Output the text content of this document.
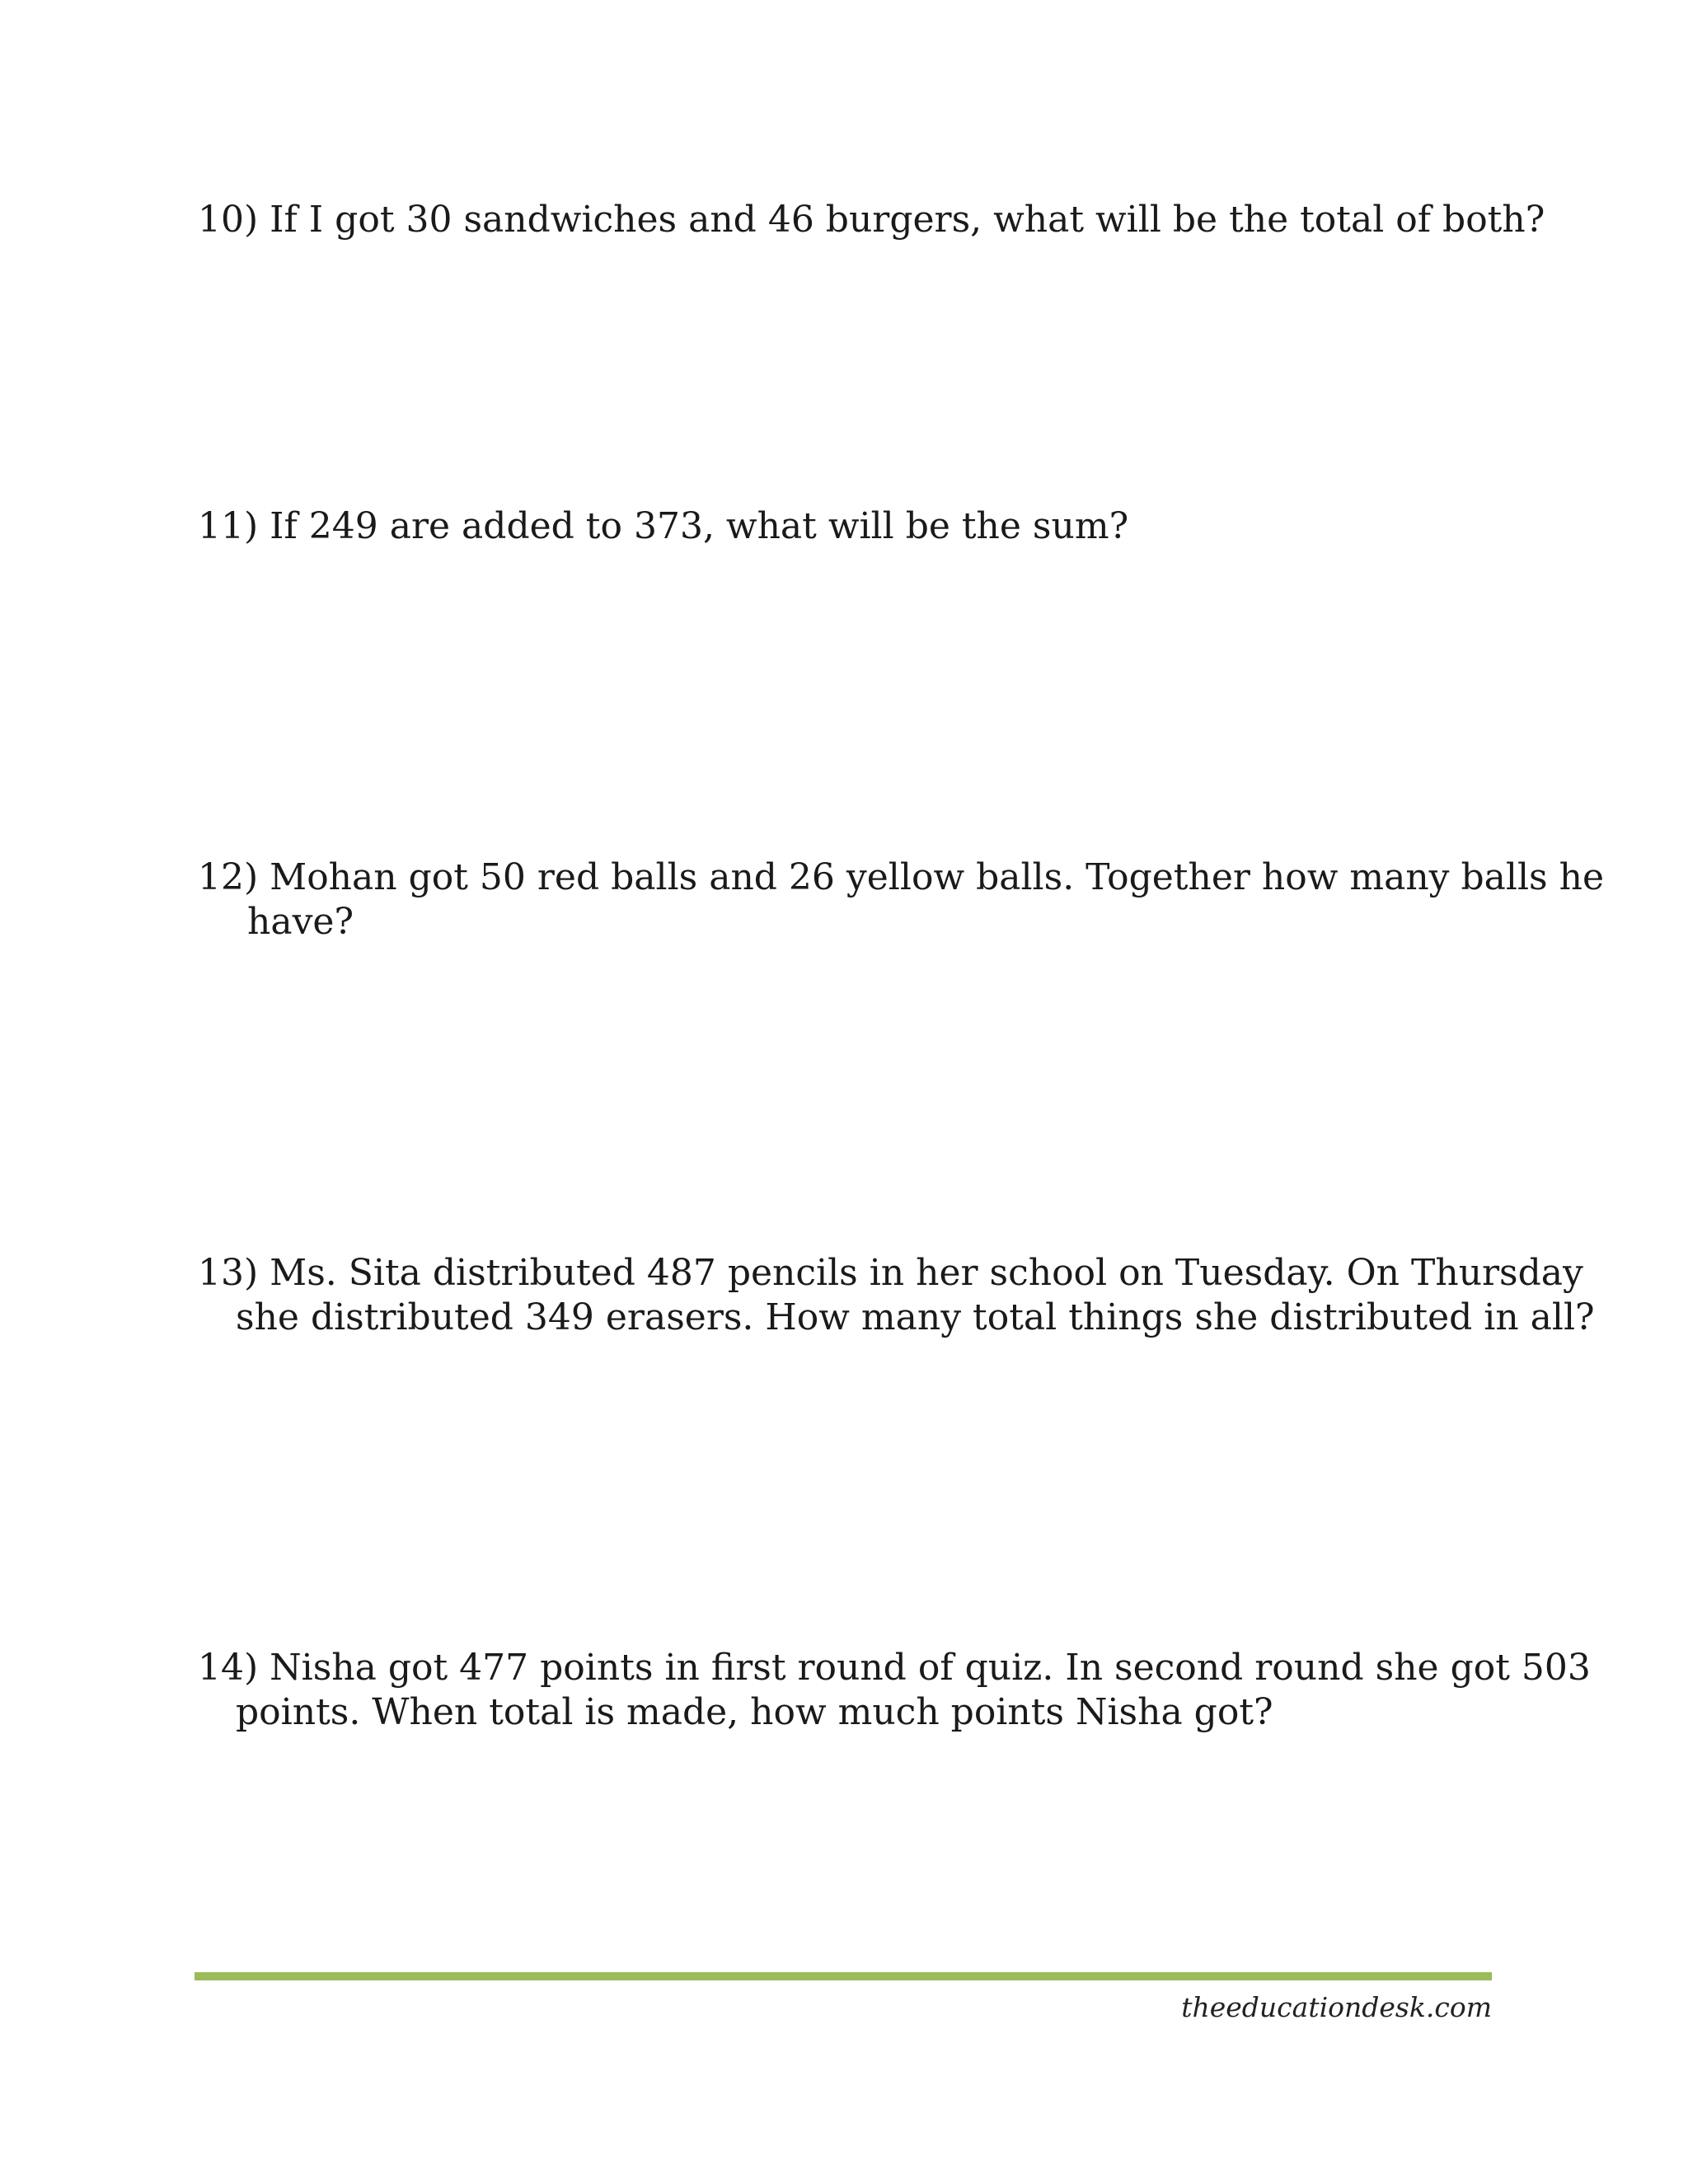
10) If I got 30 sandwiches and 46 burgers, what will be the total of both?
11) If 249 are added to 373, what will be the sum?
12) Mohan got 50 red balls and 26 yellow balls. Together how many balls he
have?
13) Ms. Sita distributed 487 pencils in her school on Tuesday. On Thursday
she distributed 349 erasers. How many total things she distributed in all?
14) Nisha got 477 points in first round of quiz. In second round she got 503
points. When total is made, how much points Nisha got?
theeducationdesk.com
